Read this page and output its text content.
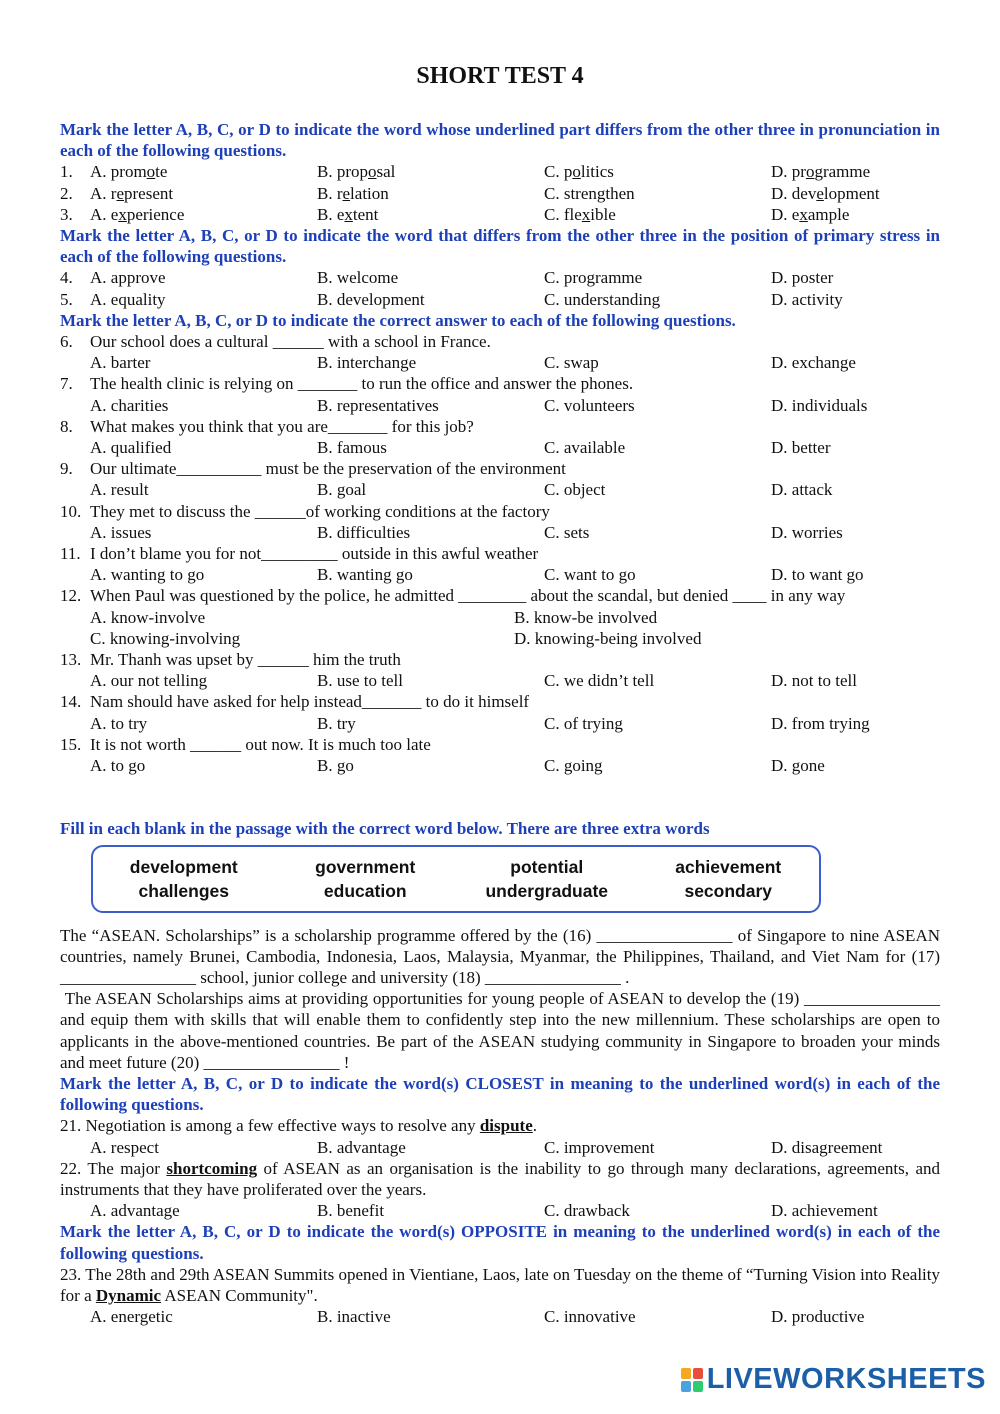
SHORT TEST 4
Mark the letter A, B, C, or D to indicate the word whose underlined part differs from the other three in pronunciation in each of the following questions.
1.	A. promote	B. proposal	C. politics	D. programme
2.	A. represent	B. relation	C. strengthen	D. development
3.	A. experience	B. extent	C. flexible	D. example
Mark the letter A, B, C, or D to indicate the word that differs from the other three in the position of primary stress in each of the following questions.
4.	A. approve	B. welcome	C. programme	D. poster
5.	A. equality	B. development	C. understanding	D. activity
Mark the letter A, B, C, or D to indicate the correct answer to each of the following questions.
6.	Our school does a cultural ______ with a school in France.
A. barter	B. interchange	C. swap	D. exchange
7.	The health clinic is relying on _______ to run the office and answer the phones.
A. charities	B. representatives	C. volunteers	D. individuals
8.	What makes you think that you are_______ for this job?
A. qualified	B. famous	C. available	D. better
9.	Our ultimate__________ must be the preservation of the environment
A. result	B. goal	C. object	D. attack
10. They met to discuss the ______of working conditions at the factory
A. issues	B. difficulties	C. sets	D. worries
11. I don’t blame you for not_________ outside in this awful weather
A. wanting to go	B. wanting go	C. want to go	D. to want go
12. When Paul was questioned by the police, he admitted ________ about the scandal, but denied ____ in any way
A. know-involve	B. know-be involved
C. knowing-involving	D. knowing-being involved
13. Mr. Thanh was upset by ______ him the truth
A. our not telling	B. use to tell	C. we didn’t tell	D. not to tell
14. Nam should have asked for help instead_______ to do it himself
A. to try	B. try	C. of trying	D. from trying
15. It is not worth ______ out now. It is much too late
A. to go	B. go	C. going	D. gone
Fill in each blank in the passage with the correct word below. There are three extra words
development	government	potential	achievement
challenges	education	undergraduate	secondary
The “ASEAN. Scholarships” is a scholarship programme offered by the (16) ________________ of Singapore to nine ASEAN countries, namely Brunei, Cambodia, Indonesia, Laos, Malaysia, Myanmar, the Philippines, Thailand, and Viet Nam for (17) ________________ school, junior college and university (18) ________________ .
The ASEAN Scholarships aims at providing opportunities for young people of ASEAN to develop the (19) ________________ and equip them with skills that will enable them to confidently step into the new millennium. These scholarships are open to applicants in the above-mentioned countries. Be part of the ASEAN studying community in Singapore to broaden your minds and meet future (20) ________________ !
Mark the letter A, B, C, or D to indicate the word(s) CLOSEST in meaning to the underlined word(s) in each of the following questions.
21. Negotiation is among a few effective ways to resolve any dispute.
A. respect	B. advantage	C. improvement	D. disagreement
22. The major shortcoming of ASEAN as an organisation is the inability to go through many declarations, agreements, and instruments that they have proliferated over the years.
A. advantage	B. benefit	C. drawback	D. achievement
Mark the letter A, B, C, or D to indicate the word(s) OPPOSITE in meaning to the underlined word(s) in each of the following questions.
23. The 28th and 29th ASEAN Summits opened in Vientiane, Laos, late on Tuesday on the theme of “Turning Vision into Reality for a Dynamic ASEAN Community".
A. energetic	B. inactive	C. innovative	D. productive
LIVEWORKSHEETS
